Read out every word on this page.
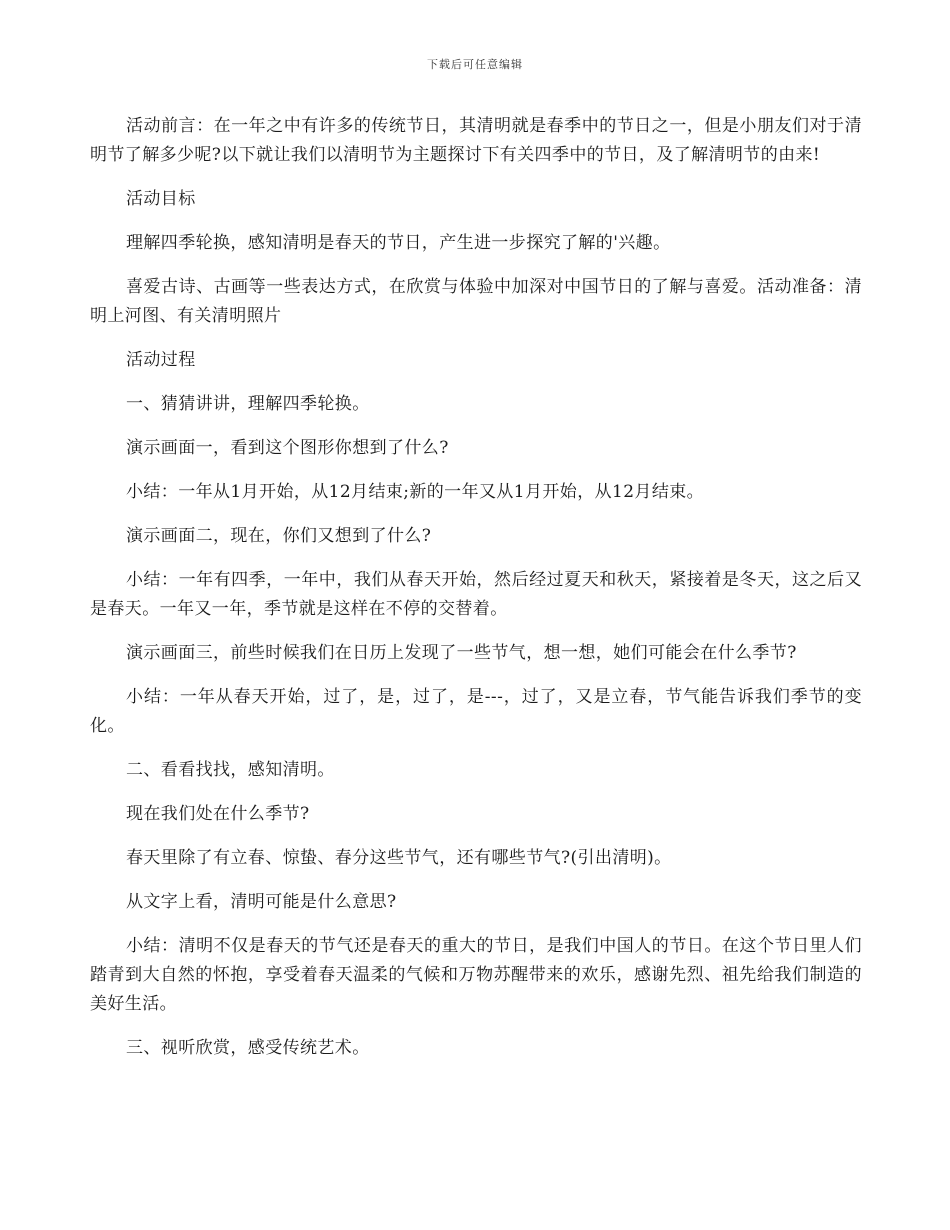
下载后可任意编辑

活动前言：在一年之中有许多的传统节日，其清明就是春季中的节日之一，但是小朋友们对于清明节了解多少呢?以下就让我们以清明节为主题探讨下有关四季中的节日，及了解清明节的由来!

活动目标

理解四季轮换，感知清明是春天的节日，产生进一步探究了解的'兴趣。

喜爱古诗、古画等一些表达方式，在欣赏与体验中加深对中国节日的了解与喜爱。活动准备：清明上河图、有关清明照片

活动过程

一、猜猜讲讲，理解四季轮换。

演示画面一，看到这个图形你想到了什么?

小结：一年从1月开始，从12月结束;新的一年又从1月开始，从12月结束。

演示画面二，现在，你们又想到了什么?

小结：一年有四季，一年中，我们从春天开始，然后经过夏天和秋天，紧接着是冬天，这之后又是春天。一年又一年，季节就是这样在不停的交替着。

演示画面三，前些时候我们在日历上发现了一些节气，想一想，她们可能会在什么季节?

小结：一年从春天开始，过了，是，过了，是---，过了，又是立春，节气能告诉我们季节的变化。

二、看看找找，感知清明。

现在我们处在什么季节?

春天里除了有立春、惊蛰、春分这些节气，还有哪些节气?(引出清明)。

从文字上看，清明可能是什么意思?

小结：清明不仅是春天的节气还是春天的重大的节日，是我们中国人的节日。在这个节日里人们踏青到大自然的怀抱，享受着春天温柔的气候和万物苏醒带来的欢乐，感谢先烈、祖先给我们制造的美好生活。

三、视听欣赏，感受传统艺术。
